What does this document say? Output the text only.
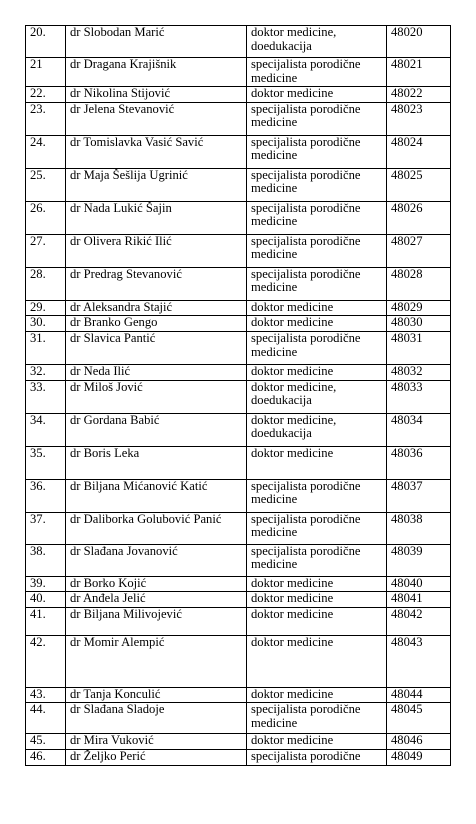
20.	dr Slobodan Marić	doktor medicine, doedukacija	48020
21	dr Dragana Krajišnik	specijalista porodične medicine	48021
22.	dr Nikolina Stijović	doktor medicine	48022
23.	dr Jelena Stevanović	specijalista porodične medicine	48023
24.	dr Tomislavka Vasić Savić	specijalista porodične medicine	48024
25.	dr Maja Šešlija Ugrinić	specijalista porodične medicine	48025
26.	dr Nada Lukić Šajin	specijalista porodične medicine	48026
27.	dr Olivera Rikić Ilić	specijalista porodične medicine	48027
28.	dr Predrag Stevanović	specijalista porodične medicine	48028
29.	dr Aleksandra Stajić	doktor medicine	48029
30.	dr Branko Gengo	doktor medicine	48030
31.	dr Slavica Pantić	specijalista porodične medicine	48031
32.	dr Neda Ilić	doktor medicine	48032
33.	dr Miloš Jović	doktor medicine, doedukacija	48033
34.	dr Gordana Babić	doktor medicine, doedukacija	48034
35.	dr Boris Leka	doktor medicine	48036
36.	dr Biljana Mićanović Katić	specijalista porodične medicine	48037
37.	dr Daliborka Golubović Panić	specijalista porodične medicine	48038
38.	dr Slađana Jovanović	specijalista porodične medicine	48039
39.	dr Borko Kojić	doktor medicine	48040
40.	dr Anđela Jelić	doktor medicine	48041
41.	dr Biljana Milivojević	doktor medicine	48042
42.	dr Momir Alempić	doktor medicine	48043
43.	dr Tanja Konculić	doktor medicine	48044
44.	dr Slađana Sladoje	specijalista porodične medicine	48045
45.	dr Mira Vuković	doktor medicine	48046
46.	dr Željko Perić	specijalista porodične	48049
